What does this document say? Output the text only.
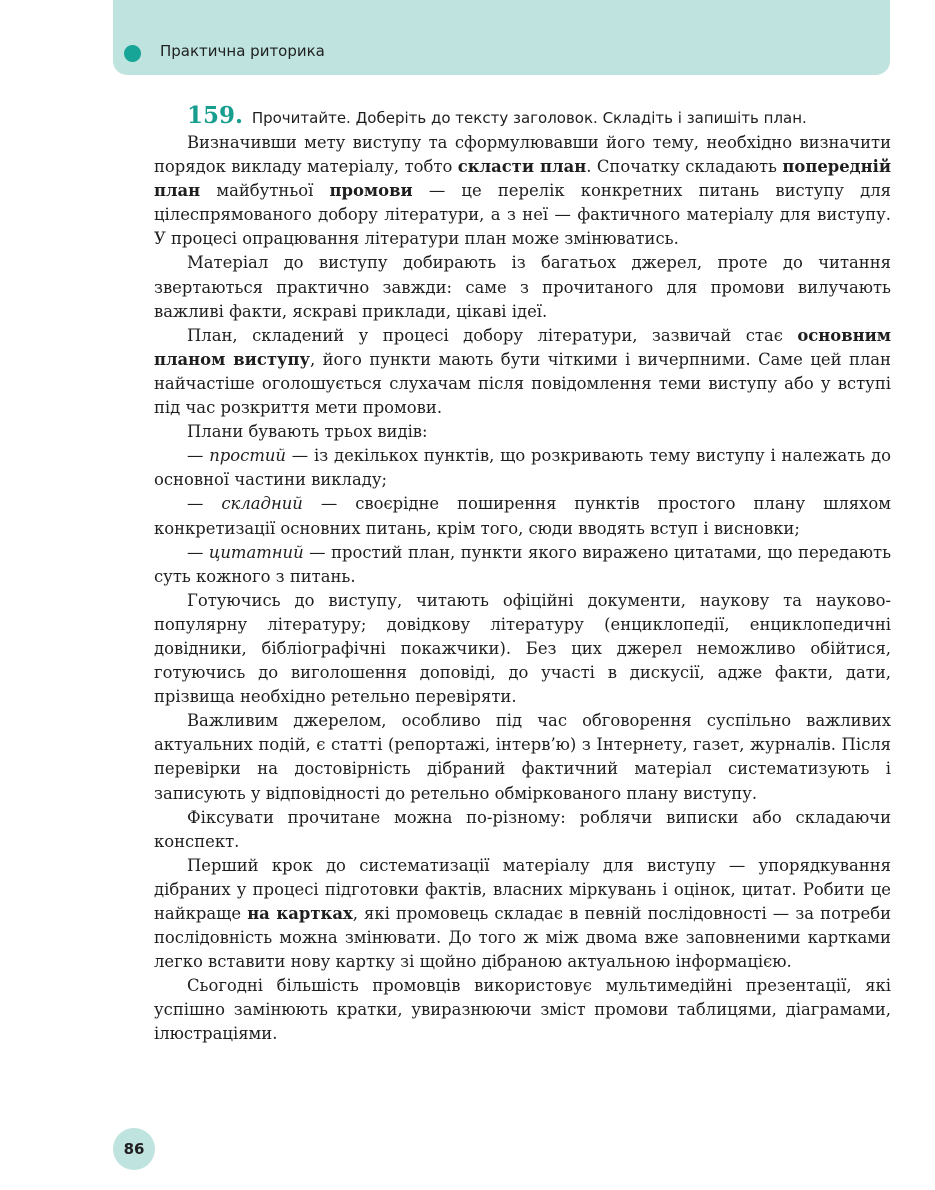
Практична риторика
159. Прочитайте. Доберіть до тексту заголовок. Складіть і запишіть план.

Визначивши мету виступу та сформулювавши його тему, необхідно визначити порядок викладу матеріалу, тобто скласти план. Спочатку складають попередній план майбутньої промови — це перелік конкретних питань виступу для цілеспрямованого добору літератури, а з неї — фактичного матеріалу для виступу. У процесі опрацювання літератури план може змінюватись.

Матеріал до виступу добирають із багатьох джерел, проте до читання звертаються практично завжди: саме з прочитаного для промови вилучають важливі факти, яскраві приклади, цікаві ідеї.

План, складений у процесі добору літератури, зазвичай стає основним планом виступу, його пункти мають бути чіткими і вичерпними. Саме цей план найчастіше оголошується слухачам після повідомлення теми виступу або у вступі під час розкриття мети промови.

Плани бувають трьох видів:

— простий — із декількох пунктів, що розкривають тему виступу і належать до основної частини викладу;

— складний — своєрідне поширення пунктів простого плану шляхом конкретизації основних питань, крім того, сюди вводять вступ і висновки;

— цитатний — простий план, пункти якого виражено цитатами, що передають суть кожного з питань.

Готуючись до виступу, читають офіційні документи, наукову та науково-популярну літературу; довідкову літературу (енциклопедії, енциклопедичні довідники, бібліографічні покажчики). Без цих джерел неможливо обійтися, готуючись до виголошення доповіді, до участі в дискусії, адже факти, дати, прізвища необхідно ретельно перевіряти.

Важливим джерелом, особливо під час обговорення суспільно важливих актуальних подій, є статті (репортажі, інтерв’ю) з Інтернету, газет, журналів. Після перевірки на достовірність дібраний фактичний матеріал систематизують і записують у відповідності до ретельно обміркованого плану виступу.

Фіксувати прочитане можна по-різному: роблячи виписки або складаючи конспект.

Перший крок до систематизації матеріалу для виступу — упорядкування дібраних у процесі підготовки фактів, власних міркувань і оцінок, цитат. Робити це найкраще на картках, які промовець складає в певній послідовності — за потреби послідовність можна змінювати. До того ж між двома вже заповненими картками легко вставити нову картку зі щойно дібраною актуальною інформацією.

Сьогодні більшість промовців використовує мультимедійні презентації, які успішно замінюють кратки, увиразнюючи зміст промови таблицями, діаграмами, ілюстраціями.

86
